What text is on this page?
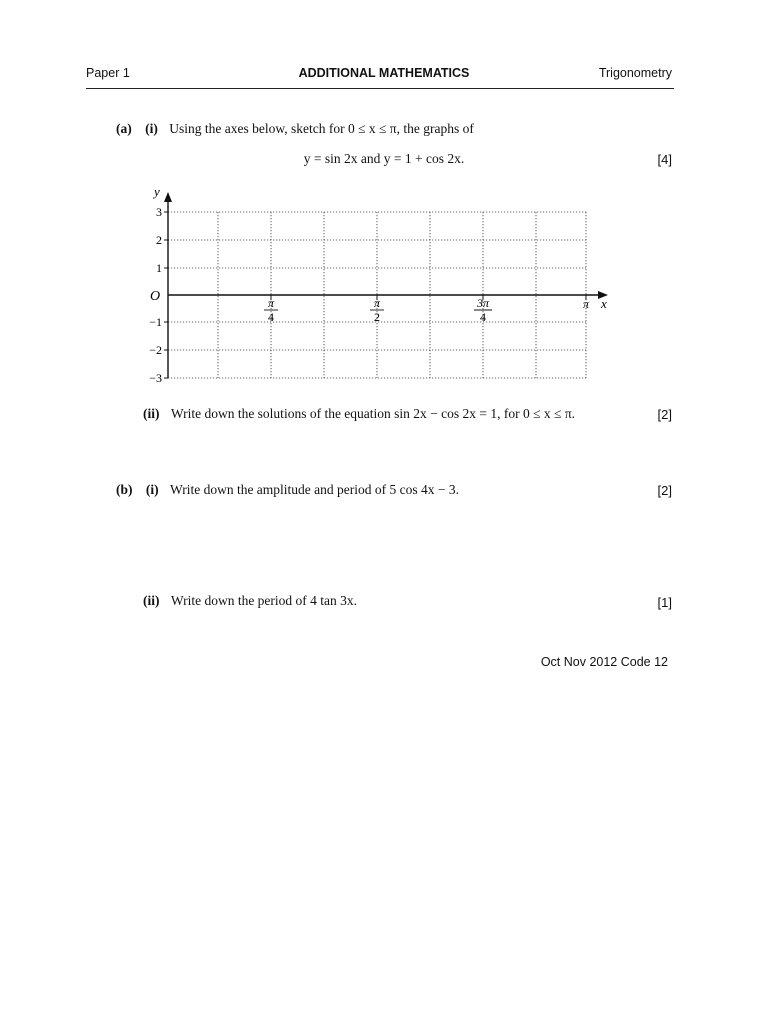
Paper 1	ADDITIONAL MATHEMATICS	Trigonometry
(a) (i) Using the axes below, sketch for 0 ≤ x ≤ π, the graphs of
y = sin 2x and y = 1 + cos 2x.	[4]
y
x
O
3
2
1
−1
−2
−3
π
4
π
2
3π
4
π
(ii) Write down the solutions of the equation sin 2x − cos 2x = 1, for 0 ≤ x ≤ π.	[2]
(b) (i) Write down the amplitude and period of 5 cos 4x − 3.	[2]
(ii) Write down the period of 4 tan 3x.	[1]
Oct Nov 2012 Code 12
